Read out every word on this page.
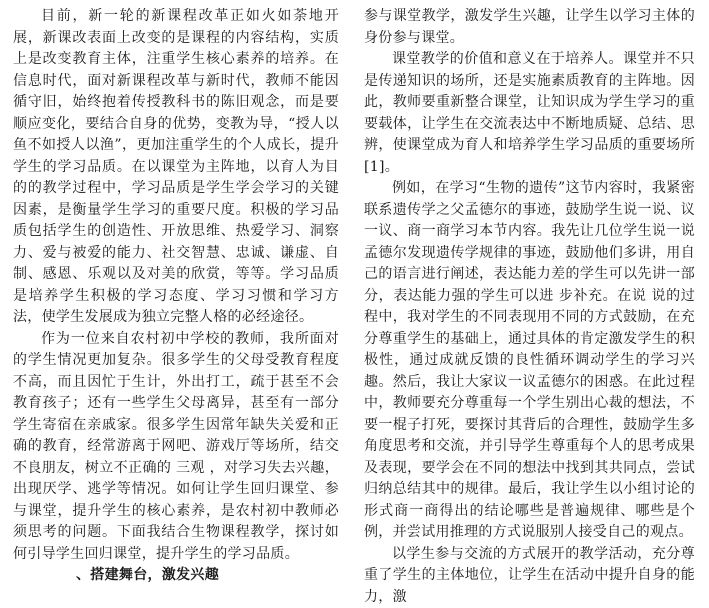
目前，新一轮的新课程改革正如火如荼地开展，新课改表面上改变的是课程的内容结构，实质上是改变教育主体，注重学生核心素养的培养。在信息时代，面对新课程改革与新时代，教师不能因循守旧，始终抱着传授教科书的陈旧观念，而是要顺应变化，要结合自身的优势，变教为导，“授人以鱼不如授人以渔”，更加注重学生的个人成长，提升学生的学习品质。在以课堂为主阵地，以育人为目的的教学过程中，学习品质是学生学会学习的关键因素，是衡量学生学习的重要尺度。积极的学习品质包括学生的创造性、开放思维、热爱学习、洞察力、爱与被爱的能力、社交智慧、忠诚、谦虚、自制、感恩、乐观以及对美的欣赏，等等。学习品质是培养学生积极的学习态度、学习习惯和学习方法，使学生发展成为独立完整人格的必经途径。

作为一位来自农村初中学校的教师，我所面对的学生情况更加复杂。很多学生的父母受教育程度不高，而且因忙于生计，外出打工，疏于甚至不会教育孩子；还有一些学生父母离异，甚至有一部分学生寄宿在亲戚家。很多学生因常年缺失关爱和正确的教育，经常游离于网吧、游戏厅等场所，结交不良朋友，树立不正确的 三观 ，对学习失去兴趣，出现厌学、逃学等情况。如何让学生回归课堂、参与课堂，提升学生的核心素养，是农村初中教师必须思考的问题。下面我结合生物课程教学，探讨如何引导学生回归课堂，提升学生的学习品质。

、搭建舞台，激发兴趣

参与课堂教学，激发学生兴趣，让学生以学习主体的身份参与课堂。

课堂教学的价值和意义在于培养人。课堂并不只是传递知识的场所，还是实施素质教育的主阵地。因此，教师要重新整合课堂，让知识成为学生学习的重要载体，让学生在交流表达中不断地质疑、总结、思辨，使课堂成为育人和培养学生学习品质的重要场所[1]。

例如，在学习“生物的遗传”这节内容时，我紧密联系遗传学之父孟德尔的事迹，鼓励学生说一说、议一议、商一商学习本节内容。我先让几位学生说一说孟德尔发现遗传学规律的事迹，鼓励他们多讲，用自己的语言进行阐述，表达能力差的学生可以先讲一部分，表达能力强的学生可以进 步补充。在说 说的过程中，我对学生的不同表现用不同的方式鼓励，在充分尊重学生的基础上，通过具体的肯定激发学生的积极性，通过成就反馈的良性循环调动学生的学习兴趣。然后，我让大家议一议孟德尔的困惑。在此过程中，教师要充分尊重每一个学生别出心裁的想法，不要一棍子打死，要探讨其背后的合理性，鼓励学生多角度思考和交流，并引导学生尊重每个人的思考成果及表现，要学会在不同的想法中找到其共同点，尝试归纳总结其中的规律。最后，我让学生以小组讨论的形式商一商得出的结论哪些是普遍规律、哪些是个例，并尝试用推理的方式说服别人接受自己的观点。

以学生参与交流的方式展开的教学活动，充分尊重了学生的主体地位，让学生在活动中提升自身的能力，激
